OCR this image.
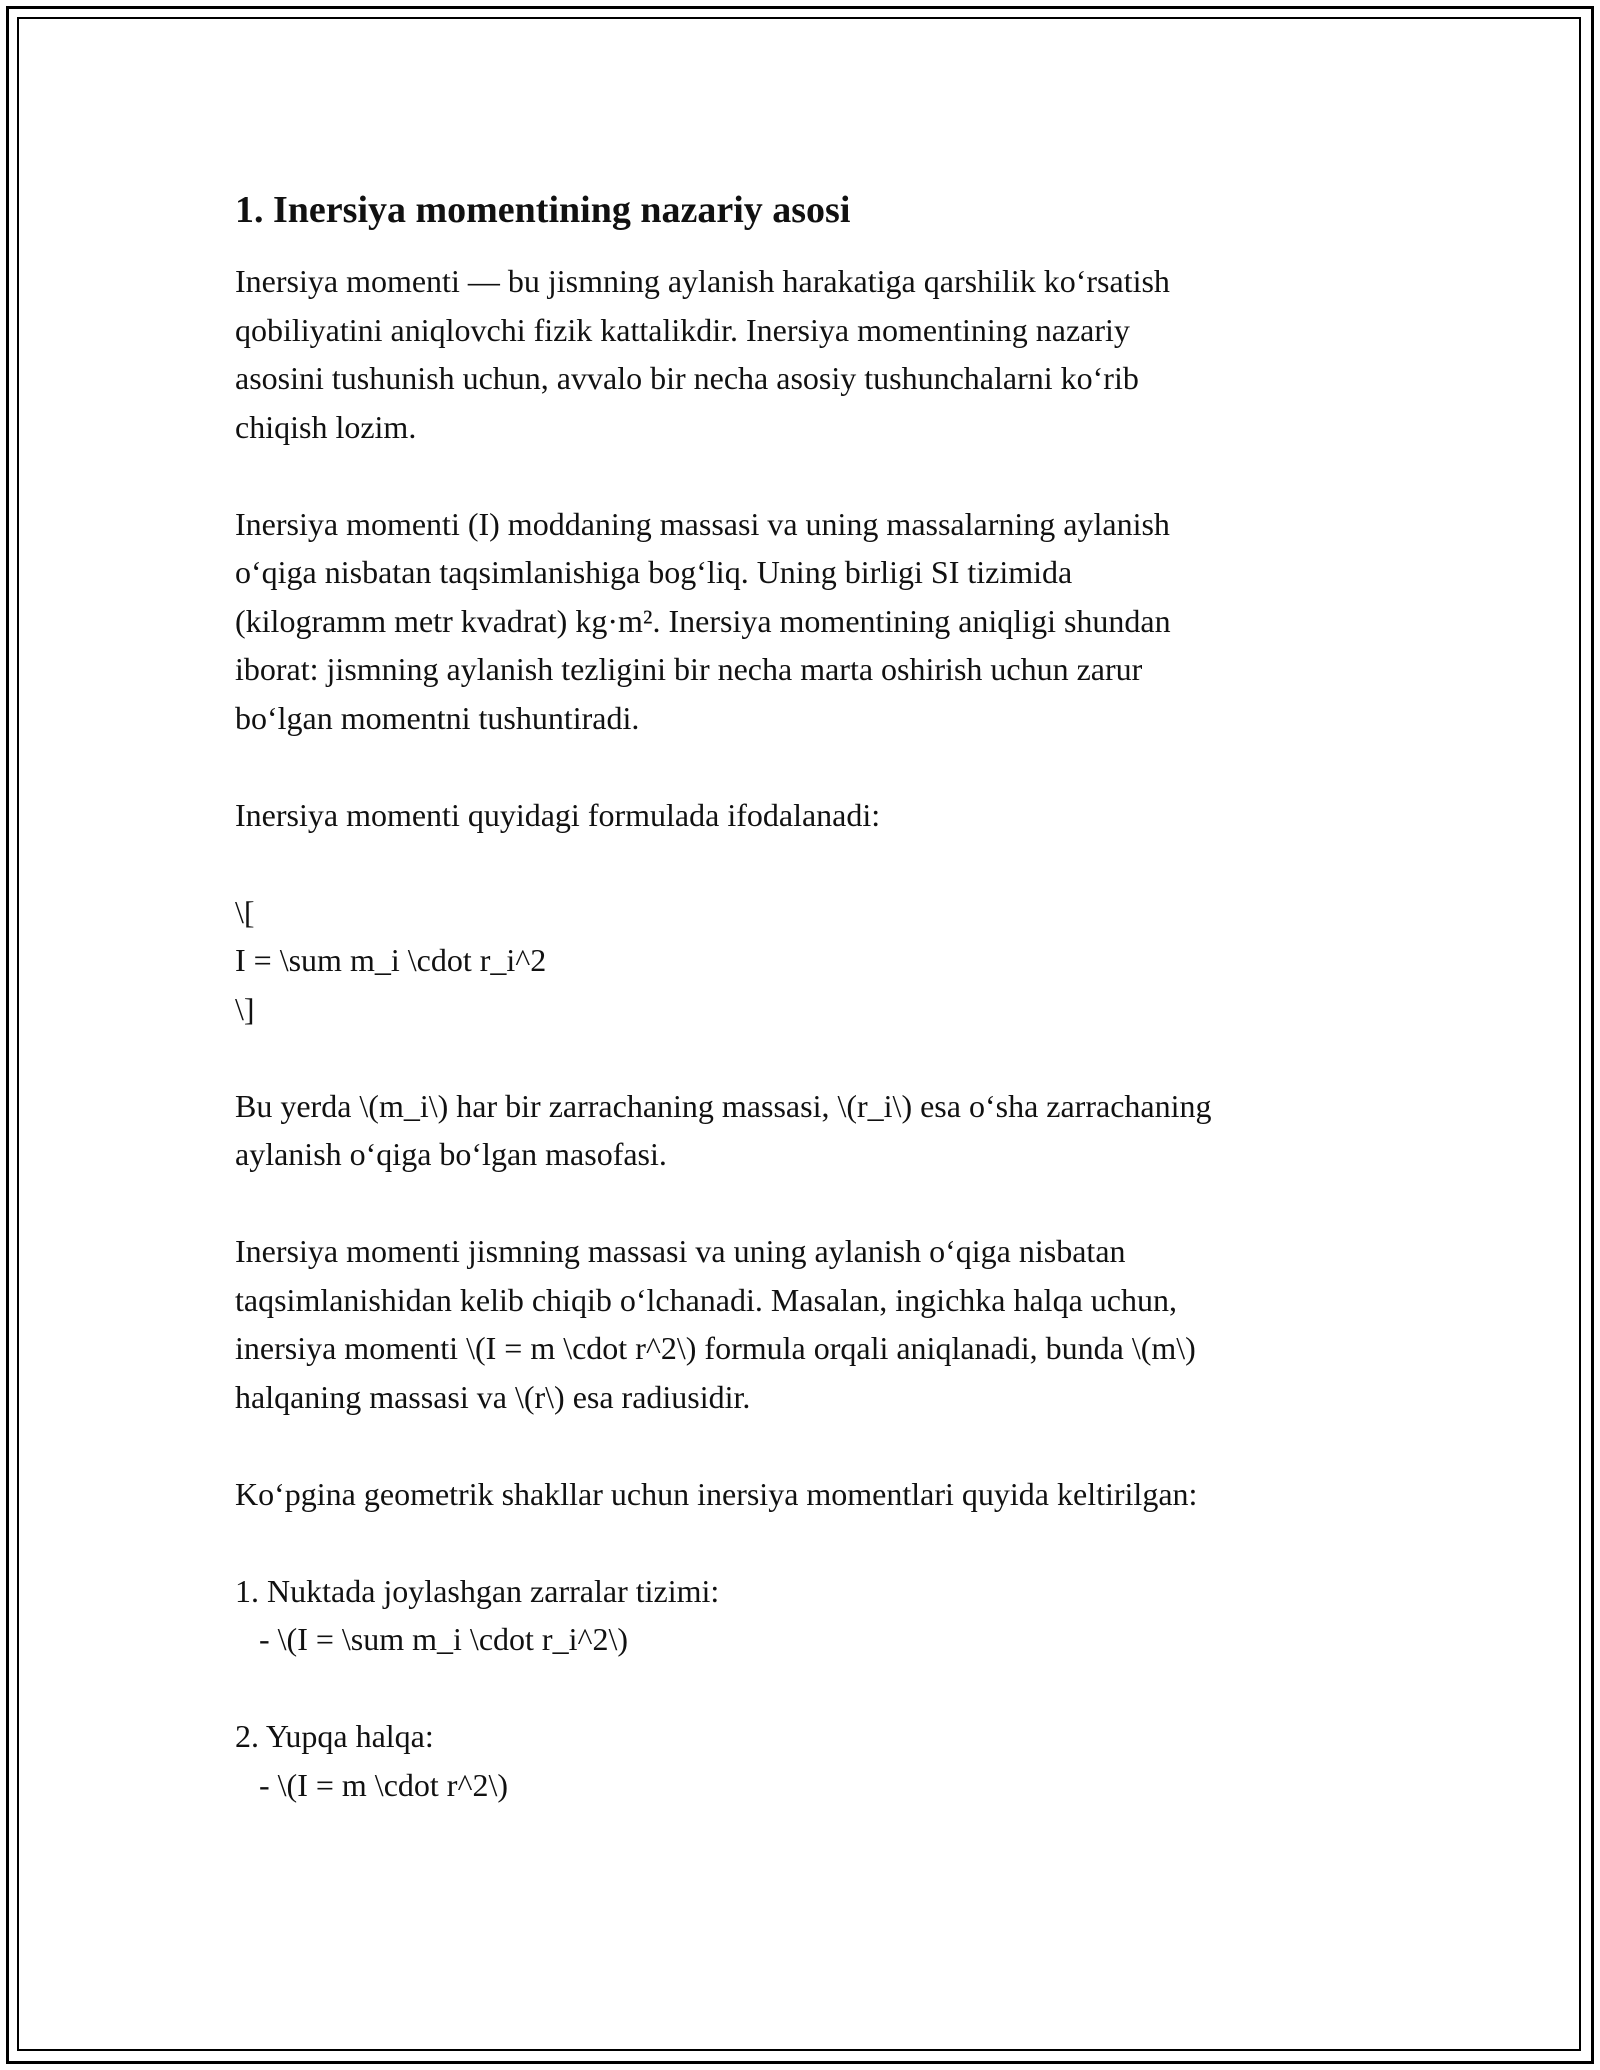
1. Inersiya momentining nazariy asosi

Inersiya momenti — bu jismning aylanish harakatiga qarshilik ko‘rsatish
qobiliyatini aniqlovchi fizik kattalikdir. Inersiya momentining nazariy
asosini tushunish uchun, avvalo bir necha asosiy tushunchalarni ko‘rib
chiqish lozim.

Inersiya momenti (I) moddaning massasi va uning massalarning aylanish
o‘qiga nisbatan taqsimlanishiga bog‘liq. Uning birligi SI tizimida
(kilogramm metr kvadrat) kg·m². Inersiya momentining aniqligi shundan
iborat: jismning aylanish tezligini bir necha marta oshirish uchun zarur
bo‘lgan momentni tushuntiradi.

Inersiya momenti quyidagi formulada ifodalanadi:

\[
I = \sum m_i \cdot r_i^2
\]

Bu yerda \(m_i\) har bir zarrachaning massasi, \(r_i\) esa o‘sha zarrachaning
aylanish o‘qiga bo‘lgan masofasi.

Inersiya momenti jismning massasi va uning aylanish o‘qiga nisbatan
taqsimlanishidan kelib chiqib o‘lchanadi. Masalan, ingichka halqa uchun,
inersiya momenti \(I = m \cdot r^2\) formula orqali aniqlanadi, bunda \(m\)
halqaning massasi va \(r\) esa radiusidir.

Ko‘pgina geometrik shakllar uchun inersiya momentlari quyida keltirilgan:

1. Nuktada joylashgan zarralar tizimi:
- \(I = \sum m_i \cdot r_i^2\)
2. Yupqa halqa:
- \(I = m \cdot r^2\)
